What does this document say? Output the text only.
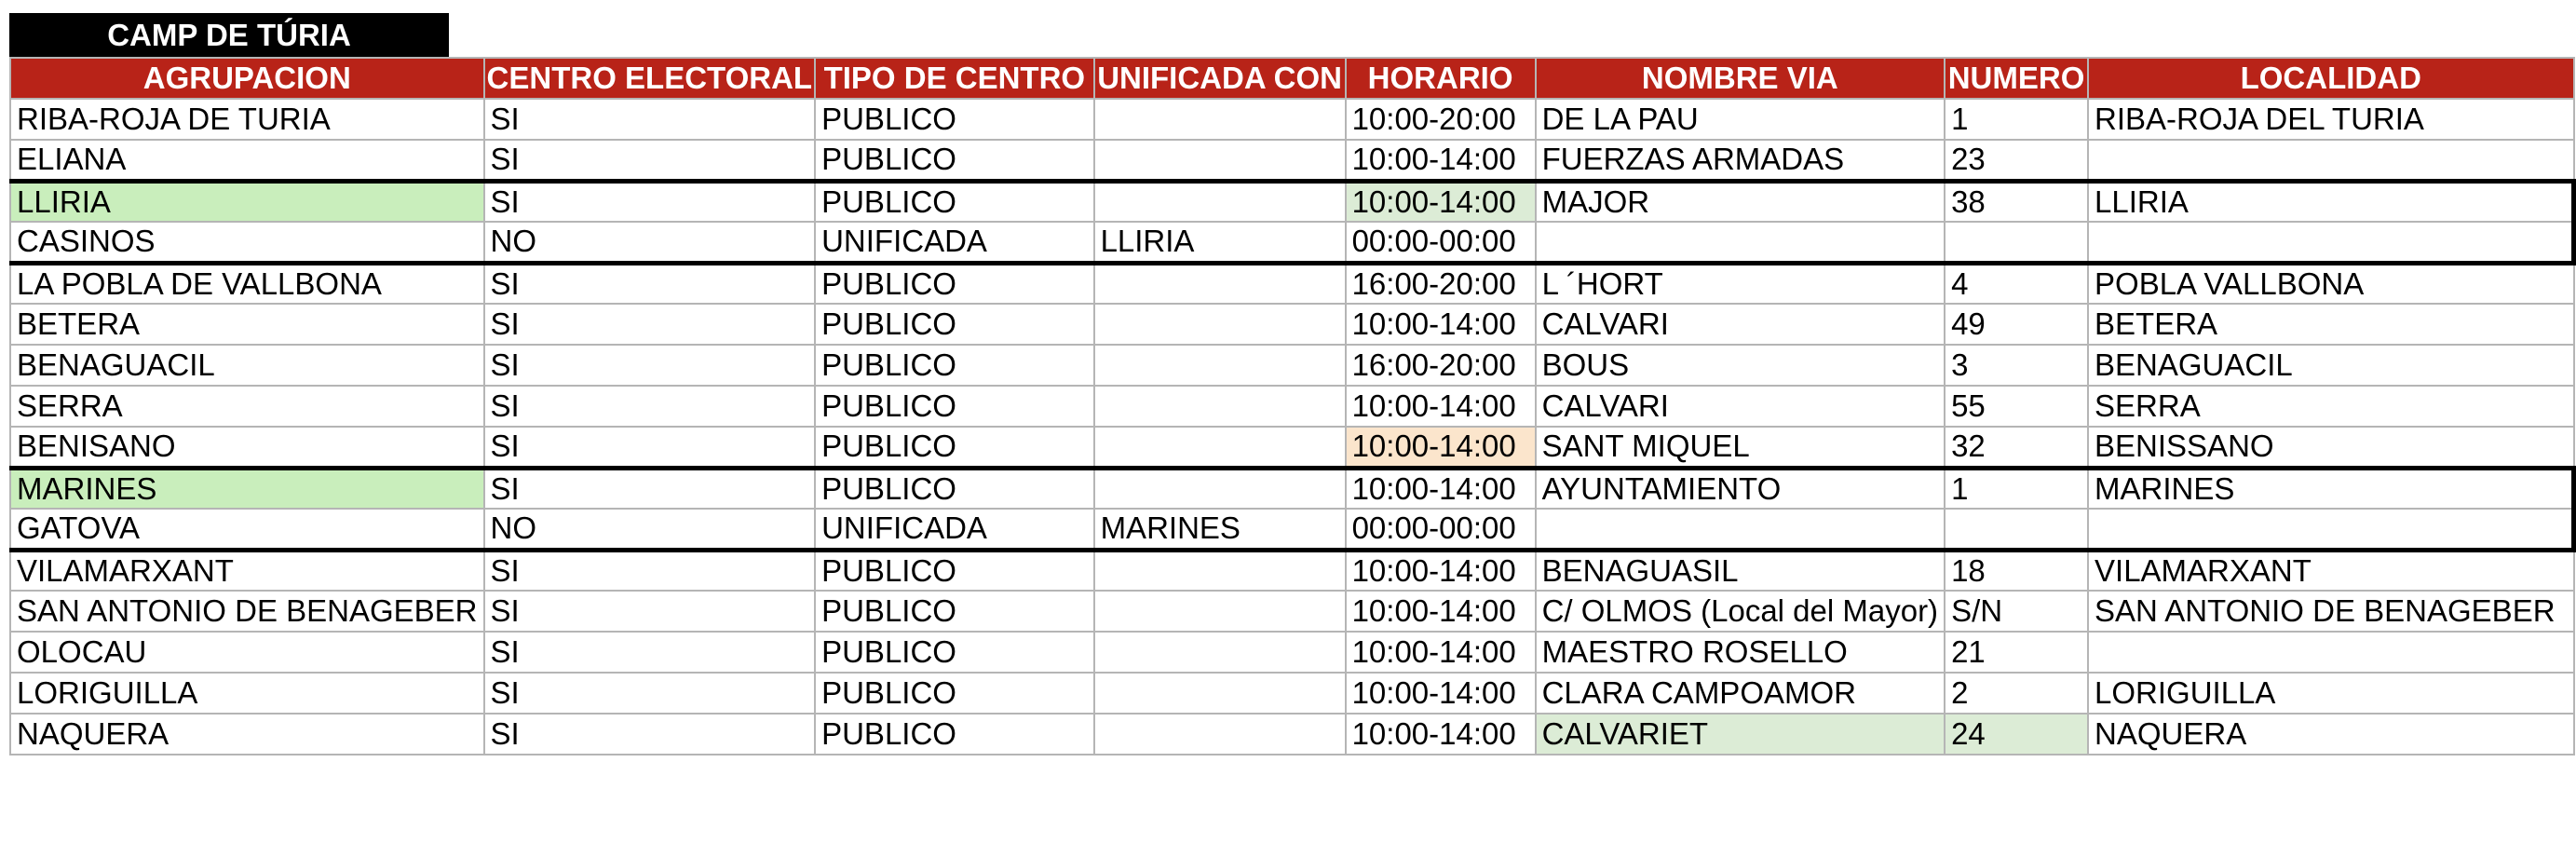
CAMP DE TÚRIA
AGRUPACION	CENTRO ELECTORAL	TIPO DE CENTRO	UNIFICADA CON	HORARIO	NOMBRE VIA	NUMERO	LOCALIDAD
RIBA-ROJA DE TURIA	SI	PUBLICO		10:00-20:00	DE LA PAU	1	RIBA-ROJA DEL TURIA
ELIANA	SI	PUBLICO		10:00-14:00	FUERZAS ARMADAS	23	
LLIRIA	SI	PUBLICO		10:00-14:00	MAJOR	38	LLIRIA
CASINOS	NO	UNIFICADA	LLIRIA	00:00-00:00			
LA POBLA DE VALLBONA	SI	PUBLICO		16:00-20:00	L ´HORT	4	POBLA VALLBONA
BETERA	SI	PUBLICO		10:00-14:00	CALVARI	49	BETERA
BENAGUACIL	SI	PUBLICO		16:00-20:00	BOUS	3	BENAGUACIL
SERRA	SI	PUBLICO		10:00-14:00	CALVARI	55	SERRA
BENISANO	SI	PUBLICO		10:00-14:00	SANT MIQUEL	32	BENISSANO
MARINES	SI	PUBLICO		10:00-14:00	AYUNTAMIENTO	1	MARINES
GATOVA	NO	UNIFICADA	MARINES	00:00-00:00			
VILAMARXANT	SI	PUBLICO		10:00-14:00	BENAGUASIL	18	VILAMARXANT
SAN ANTONIO DE BENAGEBER	SI	PUBLICO		10:00-14:00	C/ OLMOS (Local del Mayor)	S/N	SAN ANTONIO DE BENAGEBER
OLOCAU	SI	PUBLICO		10:00-14:00	MAESTRO ROSELLO	21	
LORIGUILLA	SI	PUBLICO		10:00-14:00	CLARA CAMPOAMOR	2	LORIGUILLA
NAQUERA	SI	PUBLICO		10:00-14:00	CALVARIET	24	NAQUERA
